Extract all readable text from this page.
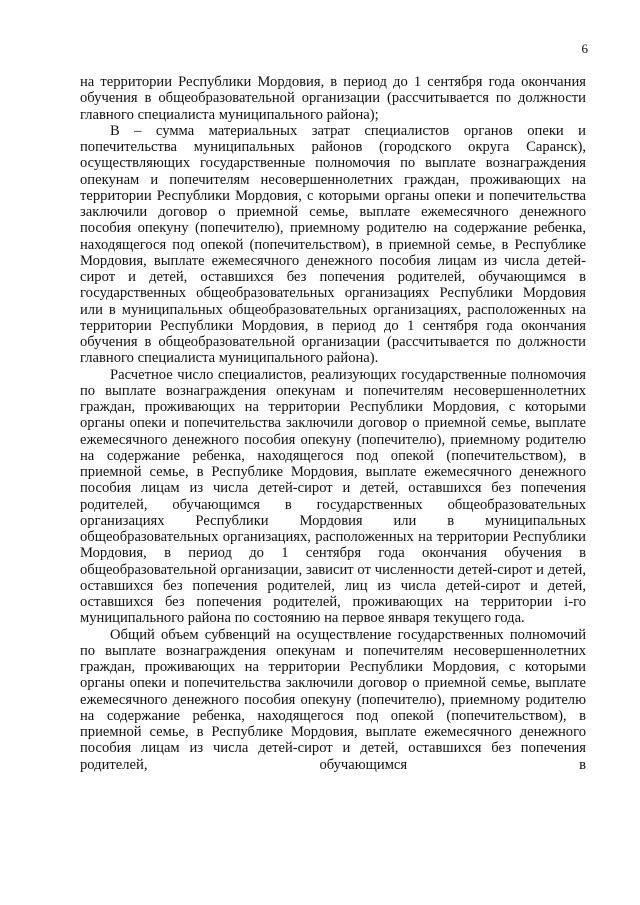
6

на территории Республики Мордовия, в период до 1 сентября года окончания обучения в общеобразовательной организации (рассчитывается по должности главного специалиста муниципального района);

В – сумма материальных затрат специалистов органов опеки и попечительства муниципальных районов (городского округа Саранск), осуществляющих государственные полномочия по выплате вознаграждения опекунам и попечителям несовершеннолетних граждан, проживающих на территории Республики Мордовия, с которыми органы опеки и попечительства заключили договор о приемной семье, выплате ежемесячного денежного пособия опекуну (попечителю), приемному родителю на содержание ребенка, находящегося под опекой (попечительством), в приемной семье, в Республике Мордовия, выплате ежемесячного денежного пособия лицам из числа детей-сирот и детей, оставшихся без попечения родителей, обучающимся в государственных общеобразовательных организациях Республики Мордовия или в муниципальных общеобразовательных организациях, расположенных на территории Республики Мордовия, в период до 1 сентября года окончания обучения в общеобразовательной организации (рассчитывается по должности главного специалиста муниципального района).

Расчетное число специалистов, реализующих государственные полномочия по выплате вознаграждения опекунам и попечителям несовершеннолетних граждан, проживающих на территории Республики Мордовия, с которыми органы опеки и попечительства заключили договор о приемной семье, выплате ежемесячного денежного пособия опекуну (попечителю), приемному родителю на содержание ребенка, находящегося под опекой (попечительством), в приемной семье, в Республике Мордовия, выплате ежемесячного денежного пособия лицам из числа детей-сирот и детей, оставшихся без попечения родителей, обучающимся в государственных общеобразовательных организациях Республики Мордовия или в муниципальных общеобразовательных организациях, расположенных на территории Республики Мордовия, в период до 1 сентября года окончания обучения в общеобразовательной организации, зависит от численности детей-сирот и детей, оставшихся без попечения родителей, лиц из числа детей-сирот и детей, оставшихся без попечения родителей, проживающих на территории i-го муниципального района по состоянию на первое января текущего года.

Общий объем субвенций на осуществление государственных полномочий по выплате вознаграждения опекунам и попечителям несовершеннолетних граждан, проживающих на территории Республики Мордовия, с которыми органы опеки и попечительства заключили договор о приемной семье, выплате ежемесячного денежного пособия опекуну (попечителю), приемному родителю на содержание ребенка, находящегося под опекой (попечительством), в приемной семье, в Республике Мордовия, выплате ежемесячного денежного пособия лицам из числа детей-сирот и детей, оставшихся без попечения родителей, обучающимся в
